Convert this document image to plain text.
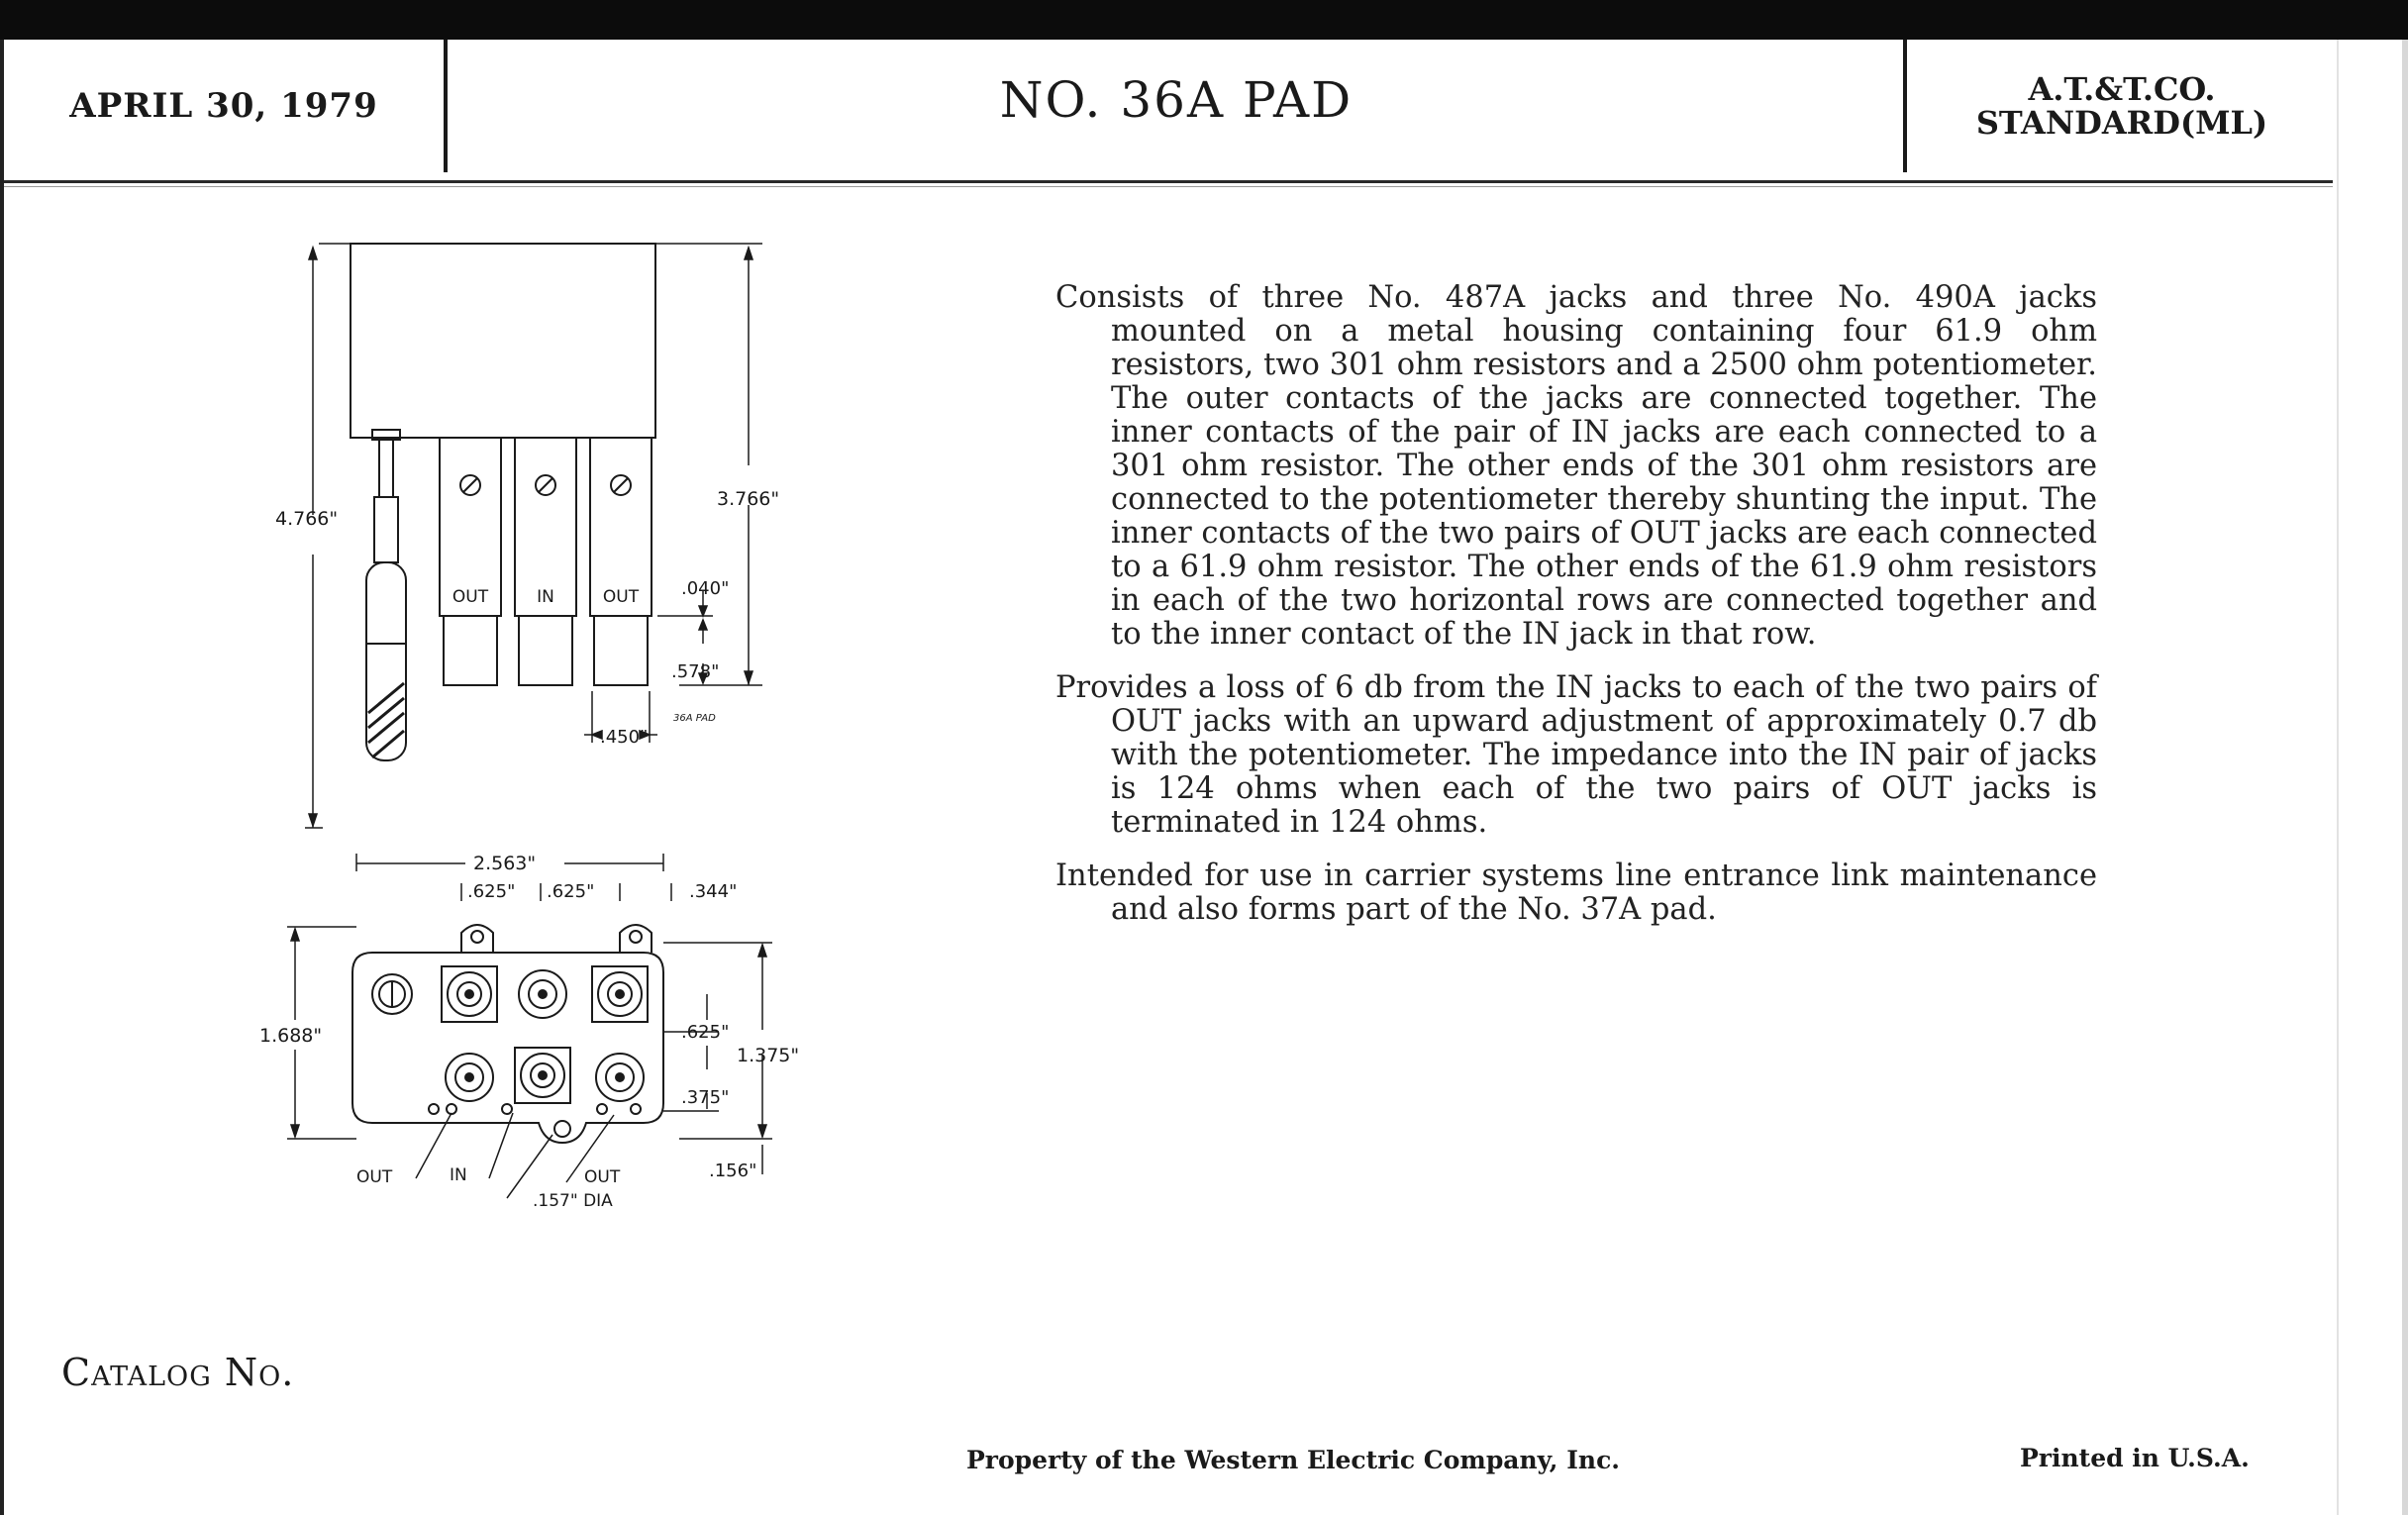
APRIL 30, 1979	NO. 36A PAD	A.T.&T.CO.
STANDARD(ML)
OUT	IN	OUT
4.766"
3.766"
.040"
.578"
.450"
36A PAD
2.563"
.625" .625"	.344"
1.688"	.625"
1.375"
.375"
.156"
OUT	IN	OUT
.157" DIA

Consists of three No. 487A jacks and three No. 490A jacks mounted on a metal housing containing four 61.9 ohm resistors, two 301 ohm resistors and a 2500 ohm potentiometer. The outer contacts of the jacks are connected together. The inner contacts of the pair of IN jacks are each connected to a 301 ohm resistor. The other ends of the 301 ohm resistors are connected to the potentiometer thereby shunting the input. The inner contacts of the two pairs of OUT jacks are each connected to a 61.9 ohm resistor. The other ends of the 61.9 ohm resistors in each of the two horizontal rows are connected together and to the inner contact of the IN jack in that row.

Provides a loss of 6 db from the IN jacks to each of the two pairs of OUT jacks with an upward adjustment of approximately 0.7 db with the potentiometer. The impedance into the IN pair of jacks is 124 ohms when each of the two pairs of OUT jacks is terminated in 124 ohms.

Intended for use in carrier systems line entrance link maintenance and also forms part of the No. 37A pad.

Catalog No.
Property of the Western Electric Company, Inc.	Printed in U.S.A.
